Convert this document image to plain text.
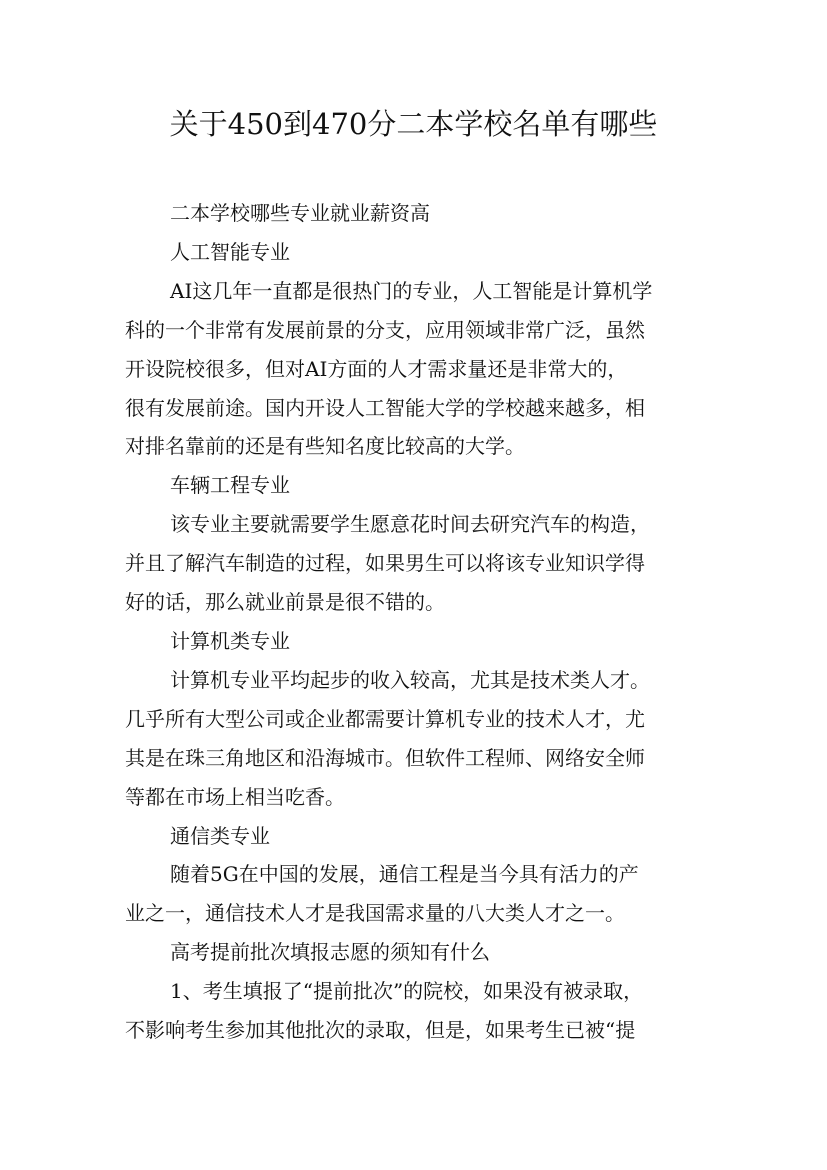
关于450到470分二本学校名单有哪些

二本学校哪些专业就业薪资高

人工智能专业

AI这几年一直都是很热门的专业，人工智能是计算机学
科的一个非常有发展前景的分支，应用领域非常广泛，虽然
开设院校很多，但对AI方面的人才需求量还是非常大的，
很有发展前途。国内开设人工智能大学的学校越来越多，相
对排名靠前的还是有些知名度比较高的大学。

车辆工程专业

该专业主要就需要学生愿意花时间去研究汽车的构造，
并且了解汽车制造的过程，如果男生可以将该专业知识学得
好的话，那么就业前景是很不错的。

计算机类专业

计算机专业平均起步的收入较高，尤其是技术类人才。
几乎所有大型公司或企业都需要计算机专业的技术人才，尤
其是在珠三角地区和沿海城市。但软件工程师、网络安全师
等都在市场上相当吃香。

通信类专业

随着5G在中国的发展，通信工程是当今具有活力的产
业之一，通信技术人才是我国需求量的八大类人才之一。

高考提前批次填报志愿的须知有什么

1、考生填报了“提前批次”的院校，如果没有被录取，
不影响考生参加其他批次的录取，但是，如果考生已被“提
